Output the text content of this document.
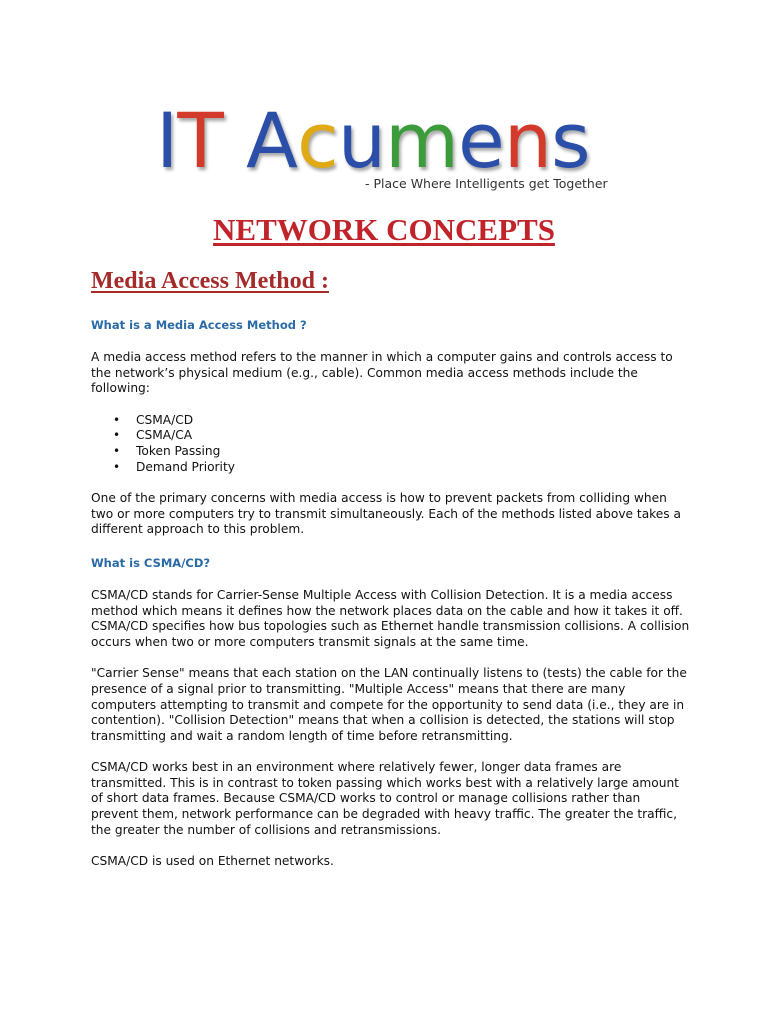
IT Acumens
- Place Where Intelligents get Together
NETWORK CONCEPTS
Media Access Method :

What is a Media Access Method ?

A media access method refers to the manner in which a computer gains and controls access to the network’s physical medium (e.g., cable). Common media access methods include the following:

• CSMA/CD
• CSMA/CA
• Token Passing
• Demand Priority

One of the primary concerns with media access is how to prevent packets from colliding when two or more computers try to transmit simultaneously. Each of the methods listed above takes a different approach to this problem.

What is CSMA/CD?

CSMA/CD stands for Carrier-Sense Multiple Access with Collision Detection. It is a media access method which means it defines how the network places data on the cable and how it takes it off. CSMA/CD specifies how bus topologies such as Ethernet handle transmission collisions. A collision occurs when two or more computers transmit signals at the same time.

"Carrier Sense" means that each station on the LAN continually listens to (tests) the cable for the presence of a signal prior to transmitting. "Multiple Access" means that there are many computers attempting to transmit and compete for the opportunity to send data (i.e., they are in contention). "Collision Detection" means that when a collision is detected, the stations will stop transmitting and wait a random length of time before retransmitting.

CSMA/CD works best in an environment where relatively fewer, longer data frames are transmitted. This is in contrast to token passing which works best with a relatively large amount of short data frames. Because CSMA/CD works to control or manage collisions rather than prevent them, network performance can be degraded with heavy traffic. The greater the traffic, the greater the number of collisions and retransmissions.

CSMA/CD is used on Ethernet networks.
